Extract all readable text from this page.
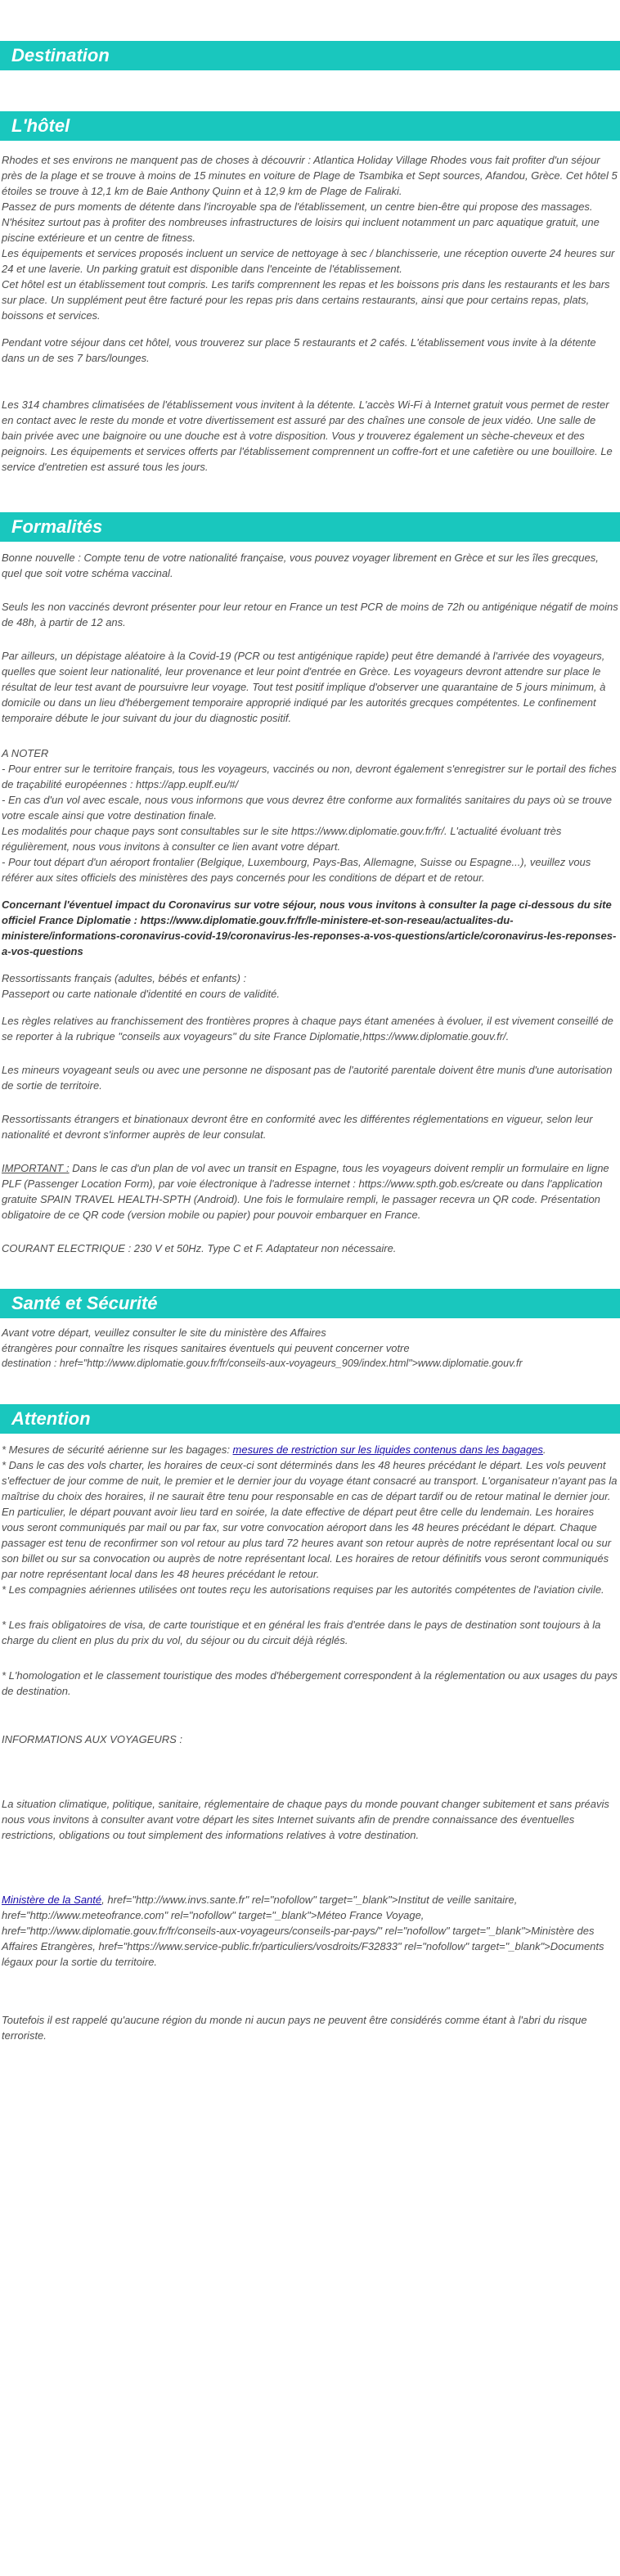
Destination
L'hôtel

Rhodes et ses environs ne manquent pas de choses à découvrir : Atlantica Holiday Village Rhodes vous fait profiter d'un séjour près de la plage et se trouve à moins de 15 minutes en voiture de Plage de Tsambika et Sept sources, Afandou, Grèce. Cet hôtel 5 étoiles se trouve à 12,1 km de Baie Anthony Quinn et à 12,9 km de Plage de Faliraki.

Passez de purs moments de détente dans l'incroyable spa de l'établissement, un centre bien-être qui propose des massages. N'hésitez surtout pas à profiter des nombreuses infrastructures de loisirs qui incluent notamment un parc aquatique gratuit, une piscine extérieure et un centre de fitness.

Les équipements et services proposés incluent un service de nettoyage à sec / blanchisserie, une réception ouverte 24 heures sur 24 et une laverie. Un parking gratuit est disponible dans l'enceinte de l'établissement.

Cet hôtel est un établissement tout compris. Les tarifs comprennent les repas et les boissons pris dans les restaurants et les bars sur place. Un supplément peut être facturé pour les repas pris dans certains restaurants, ainsi que pour certains repas, plats, boissons et services.

Pendant votre séjour dans cet hôtel, vous trouverez sur place 5 restaurants et 2 cafés. L'établissement vous invite à la détente dans un de ses 7 bars/lounges.

Les 314 chambres climatisées de l'établissement vous invitent à la détente. L'accès Wi-Fi à Internet gratuit vous permet de rester en contact avec le reste du monde et votre divertissement est assuré par des chaînes une console de jeux vidéo. Une salle de bain privée avec une baignoire ou une douche est à votre disposition. Vous y trouverez également un sèche-cheveux et des peignoirs. Les équipements et services offerts par l'établissement comprennent un coffre-fort et une cafetière ou une bouilloire. Le service d'entretien est assuré tous les jours.

Formalités

Bonne nouvelle : Compte tenu de votre nationalité française, vous pouvez voyager librement en Grèce et sur les îles grecques, quel que soit votre schéma vaccinal.

Seuls les non vaccinés devront présenter pour leur retour en France un test PCR de moins de 72h ou antigénique négatif de moins de 48h, à partir de 12 ans.

Par ailleurs, un dépistage aléatoire à la Covid-19 (PCR ou test antigénique rapide) peut être demandé à l'arrivée des voyageurs, quelles que soient leur nationalité, leur provenance et leur point d'entrée en Grèce. Les voyageurs devront attendre sur place le résultat de leur test avant de poursuivre leur voyage. Tout test positif implique d'observer une quarantaine de 5 jours minimum, à domicile ou dans un lieu d'hébergement temporaire approprié indiqué par les autorités grecques compétentes. Le confinement temporaire débute le jour suivant du jour du diagnostic positif.

A NOTER

- Pour entrer sur le territoire français, tous les voyageurs, vaccinés ou non, devront également s'enregistrer sur le portail des fiches de traçabilité européennes : https://app.euplf.eu/#/

- En cas d'un vol avec escale, nous vous informons que vous devrez être conforme aux formalités sanitaires du pays où se trouve votre escale ainsi que votre destination finale.

Les modalités pour chaque pays sont consultables sur le site https://www.diplomatie.gouv.fr/fr/. L'actualité évoluant très régulièrement, nous vous invitons à consulter ce lien avant votre départ.

- Pour tout départ d'un aéroport frontalier (Belgique, Luxembourg, Pays-Bas, Allemagne, Suisse ou Espagne...), veuillez vous référer aux sites officiels des ministères des pays concernés pour les conditions de départ et de retour.

Concernant l'éventuel impact du Coronavirus sur votre séjour, nous vous invitons à consulter la page ci-dessous du site officiel France Diplomatie : https://www.diplomatie.gouv.fr/fr/le-ministere-et-son-reseau/actualites-du-ministere/informations-coronavirus-covid-19/coronavirus-les-reponses-a-vos-questions/article/coronavirus-les-reponses-a-vos-questions

Ressortissants français (adultes, bébés et enfants) :

Passeport ou carte nationale d'identité en cours de validité.

Les règles relatives au franchissement des frontières propres à chaque pays étant amenées à évoluer, il est vivement conseillé de se reporter à la rubrique "conseils aux voyageurs" du site France Diplomatie,https://www.diplomatie.gouv.fr/.

Les mineurs voyageant seuls ou avec une personne ne disposant pas de l'autorité parentale doivent être munis d'une autorisation de sortie de territoire.

Ressortissants étrangers et binationaux devront être en conformité avec les différentes réglementations en vigueur, selon leur nationalité et devront s'informer auprès de leur consulat.

IMPORTANT : Dans le cas d'un plan de vol avec un transit en Espagne, tous les voyageurs doivent remplir un formulaire en ligne PLF (Passenger Location Form), par voie électronique à l'adresse internet : https://www.spth.gob.es/create ou dans l'application gratuite SPAIN TRAVEL HEALTH-SPTH (Android). Une fois le formulaire rempli, le passager recevra un QR code. Présentation obligatoire de ce QR code (version mobile ou papier) pour pouvoir embarquer en France.

COURANT ELECTRIQUE : 230 V et 50Hz. Type C et F. Adaptateur non nécessaire.

Santé et Sécurité

Avant votre départ, veuillez consulter le site du ministère des Affaires

étrangères pour connaître les risques sanitaires éventuels qui peuvent concerner votre

destination : href="http://www.diplomatie.gouv.fr/fr/conseils-aux-voyageurs_909/index.html">www.diplomatie.gouv.fr

Attention

* Mesures de sécurité aérienne sur les bagages: mesures de restriction sur les liquides contenus dans les bagages.

* Dans le cas des vols charter, les horaires de ceux-ci sont déterminés dans les 48 heures précédant le départ. Les vols peuvent s'effectuer de jour comme de nuit, le premier et le dernier jour du voyage étant consacré au transport. L'organisateur n'ayant pas la maîtrise du choix des horaires, il ne saurait être tenu pour responsable en cas de départ tardif ou de retour matinal le dernier jour. En particulier, le départ pouvant avoir lieu tard en soirée, la date effective de départ peut être celle du lendemain. Les horaires vous seront communiqués par mail ou par fax, sur votre convocation aéroport dans les 48 heures précédant le départ. Chaque passager est tenu de reconfirmer son vol retour au plus tard 72 heures avant son retour auprès de notre représentant local ou sur son billet ou sur sa convocation ou auprès de notre représentant local. Les horaires de retour définitifs vous seront communiqués par notre représentant local dans les 48 heures précédant le retour.

* Les compagnies aériennes utilisées ont toutes reçu les autorisations requises par les autorités compétentes de l'aviation civile.

* Les frais obligatoires de visa, de carte touristique et en général les frais d'entrée dans le pays de destination sont toujours à la charge du client en plus du prix du vol, du séjour ou du circuit déjà réglés.

* L'homologation et le classement touristique des modes d'hébergement correspondent à la réglementation ou aux usages du pays de destination.

INFORMATIONS AUX VOYAGEURS :

La situation climatique, politique, sanitaire, réglementaire de chaque pays du monde pouvant changer subitement et sans préavis

nous vous invitons à consulter avant votre départ les sites Internet suivants afin de prendre connaissance des éventuelles restrictions, obligations ou tout simplement des informations relatives à votre destination.

Ministère de la Santé, href="http://www.invs.sante.fr" rel="nofollow" target="_blank">Institut de veille sanitaire, href="http://www.meteofrance.com" rel="nofollow" target="_blank">Méteo France Voyage, href="http://www.diplomatie.gouv.fr/fr/conseils-aux-voyageurs/conseils-par-pays/" rel="nofollow" target="_blank">Ministère des Affaires Etrangères, href="https://www.service-public.fr/particuliers/vosdroits/F32833" rel="nofollow" target="_blank">Documents légaux pour la sortie du territoire.

Toutefois il est rappelé qu'aucune région du monde ni aucun pays ne peuvent être considérés comme étant à l'abri du risque terroriste.
